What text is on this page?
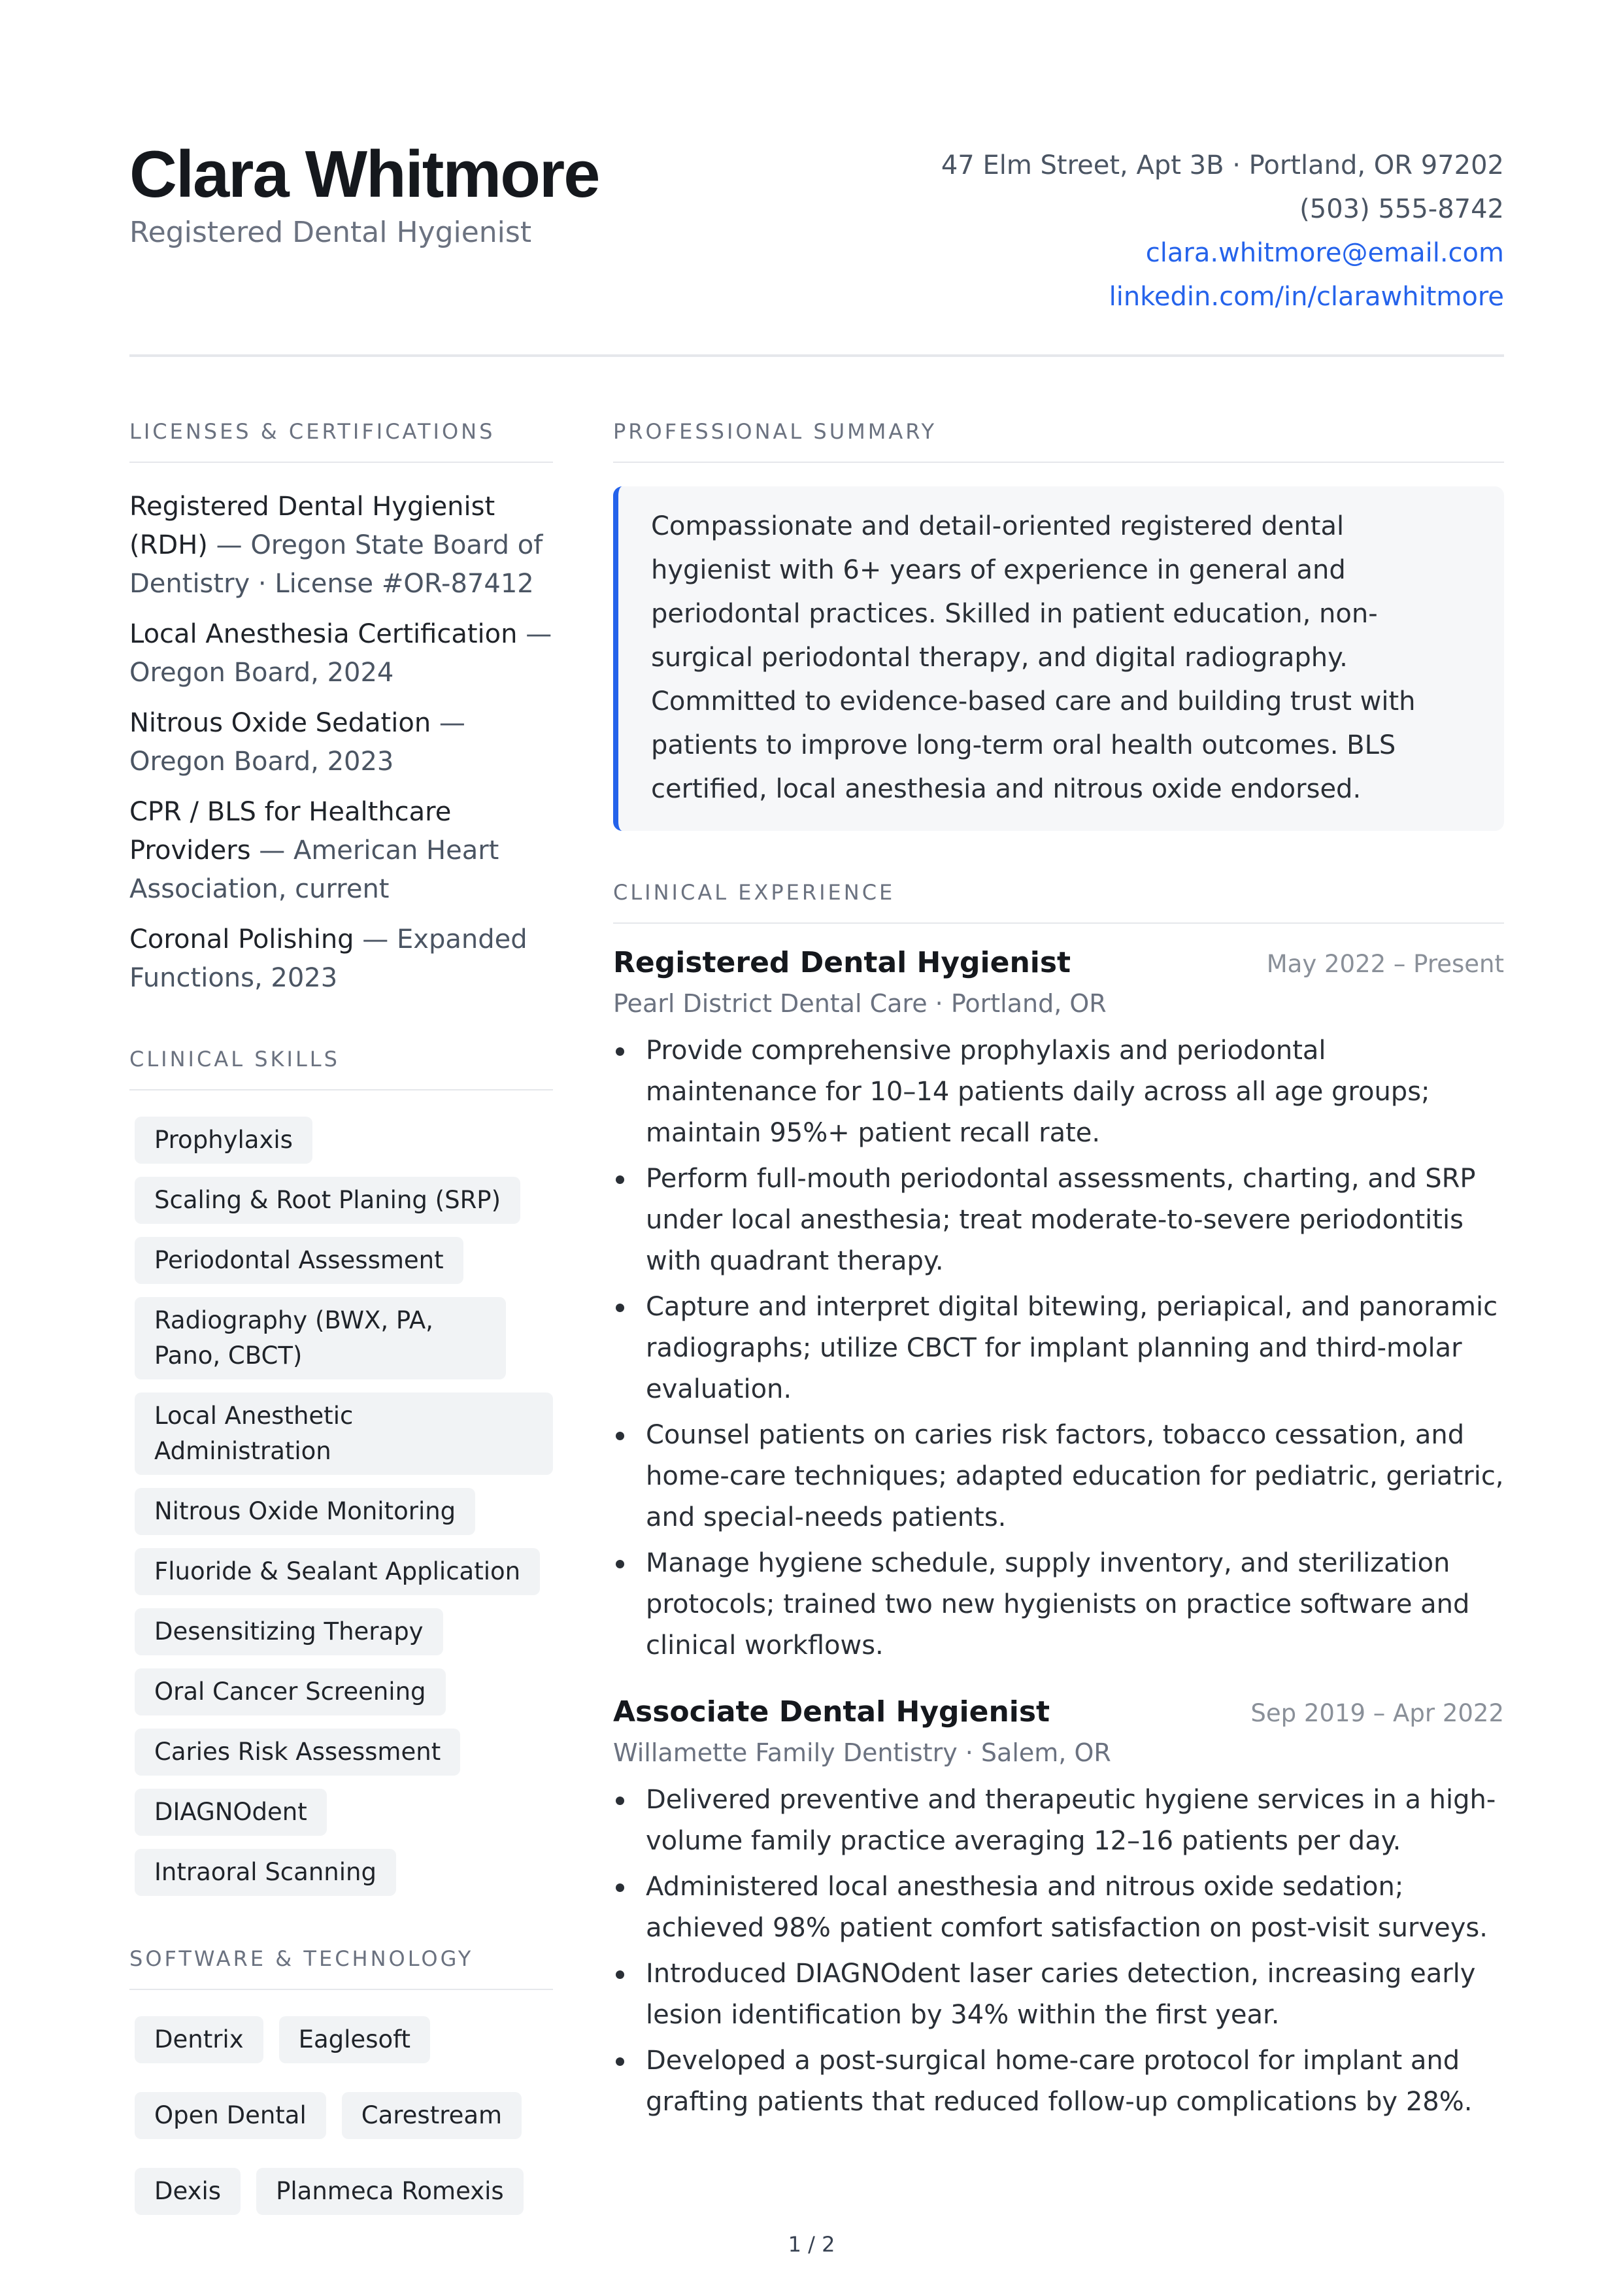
Clara Whitmore
Registered Dental Hygienist
47 Elm Street, Apt 3B · Portland, OR 97202
(503) 555-8742
clara.whitmore@email.com
linkedin.com/in/clarawhitmore
LICENSES & CERTIFICATIONS
Registered Dental Hygienist (RDH) — Oregon State Board of Dentistry · License #OR-87412
Local Anesthesia Certification — Oregon Board, 2024
Nitrous Oxide Sedation — Oregon Board, 2023
CPR / BLS for Healthcare Providers — American Heart Association, current
Coronal Polishing — Expanded Functions, 2023
CLINICAL SKILLS
Prophylaxis
Scaling & Root Planing (SRP)
Periodontal Assessment
Radiography (BWX, PA, Pano, CBCT)
Local Anesthetic Administration
Nitrous Oxide Monitoring
Fluoride & Sealant Application
Desensitizing Therapy
Oral Cancer Screening
Caries Risk Assessment
DIAGNOdent
Intraoral Scanning
SOFTWARE & TECHNOLOGY
Dentrix	Eaglesoft
Open Dental	Carestream
Dexis	Planmeca Romexis
PROFESSIONAL SUMMARY
Compassionate and detail-oriented registered dental hygienist with 6+ years of experience in general and periodontal practices. Skilled in patient education, non-surgical periodontal therapy, and digital radiography. Committed to evidence-based care and building trust with patients to improve long-term oral health outcomes. BLS certified, local anesthesia and nitrous oxide endorsed.
CLINICAL EXPERIENCE
Registered Dental Hygienist	May 2022 – Present
Pearl District Dental Care · Portland, OR
Provide comprehensive prophylaxis and periodontal maintenance for 10–14 patients daily across all age groups; maintain 95%+ patient recall rate.
Perform full-mouth periodontal assessments, charting, and SRP under local anesthesia; treat moderate-to-severe periodontitis with quadrant therapy.
Capture and interpret digital bitewing, periapical, and panoramic radiographs; utilize CBCT for implant planning and third-molar evaluation.
Counsel patients on caries risk factors, tobacco cessation, and home-care techniques; adapted education for pediatric, geriatric, and special-needs patients.
Manage hygiene schedule, supply inventory, and sterilization protocols; trained two new hygienists on practice software and clinical workflows.
Associate Dental Hygienist	Sep 2019 – Apr 2022
Willamette Family Dentistry · Salem, OR
Delivered preventive and therapeutic hygiene services in a high-volume family practice averaging 12–16 patients per day.
Administered local anesthesia and nitrous oxide sedation; achieved 98% patient comfort satisfaction on post-visit surveys.
Introduced DIAGNOdent laser caries detection, increasing early lesion identification by 34% within the first year.
Developed a post-surgical home-care protocol for implant and grafting patients that reduced follow-up complications by 28%.
1 / 2
